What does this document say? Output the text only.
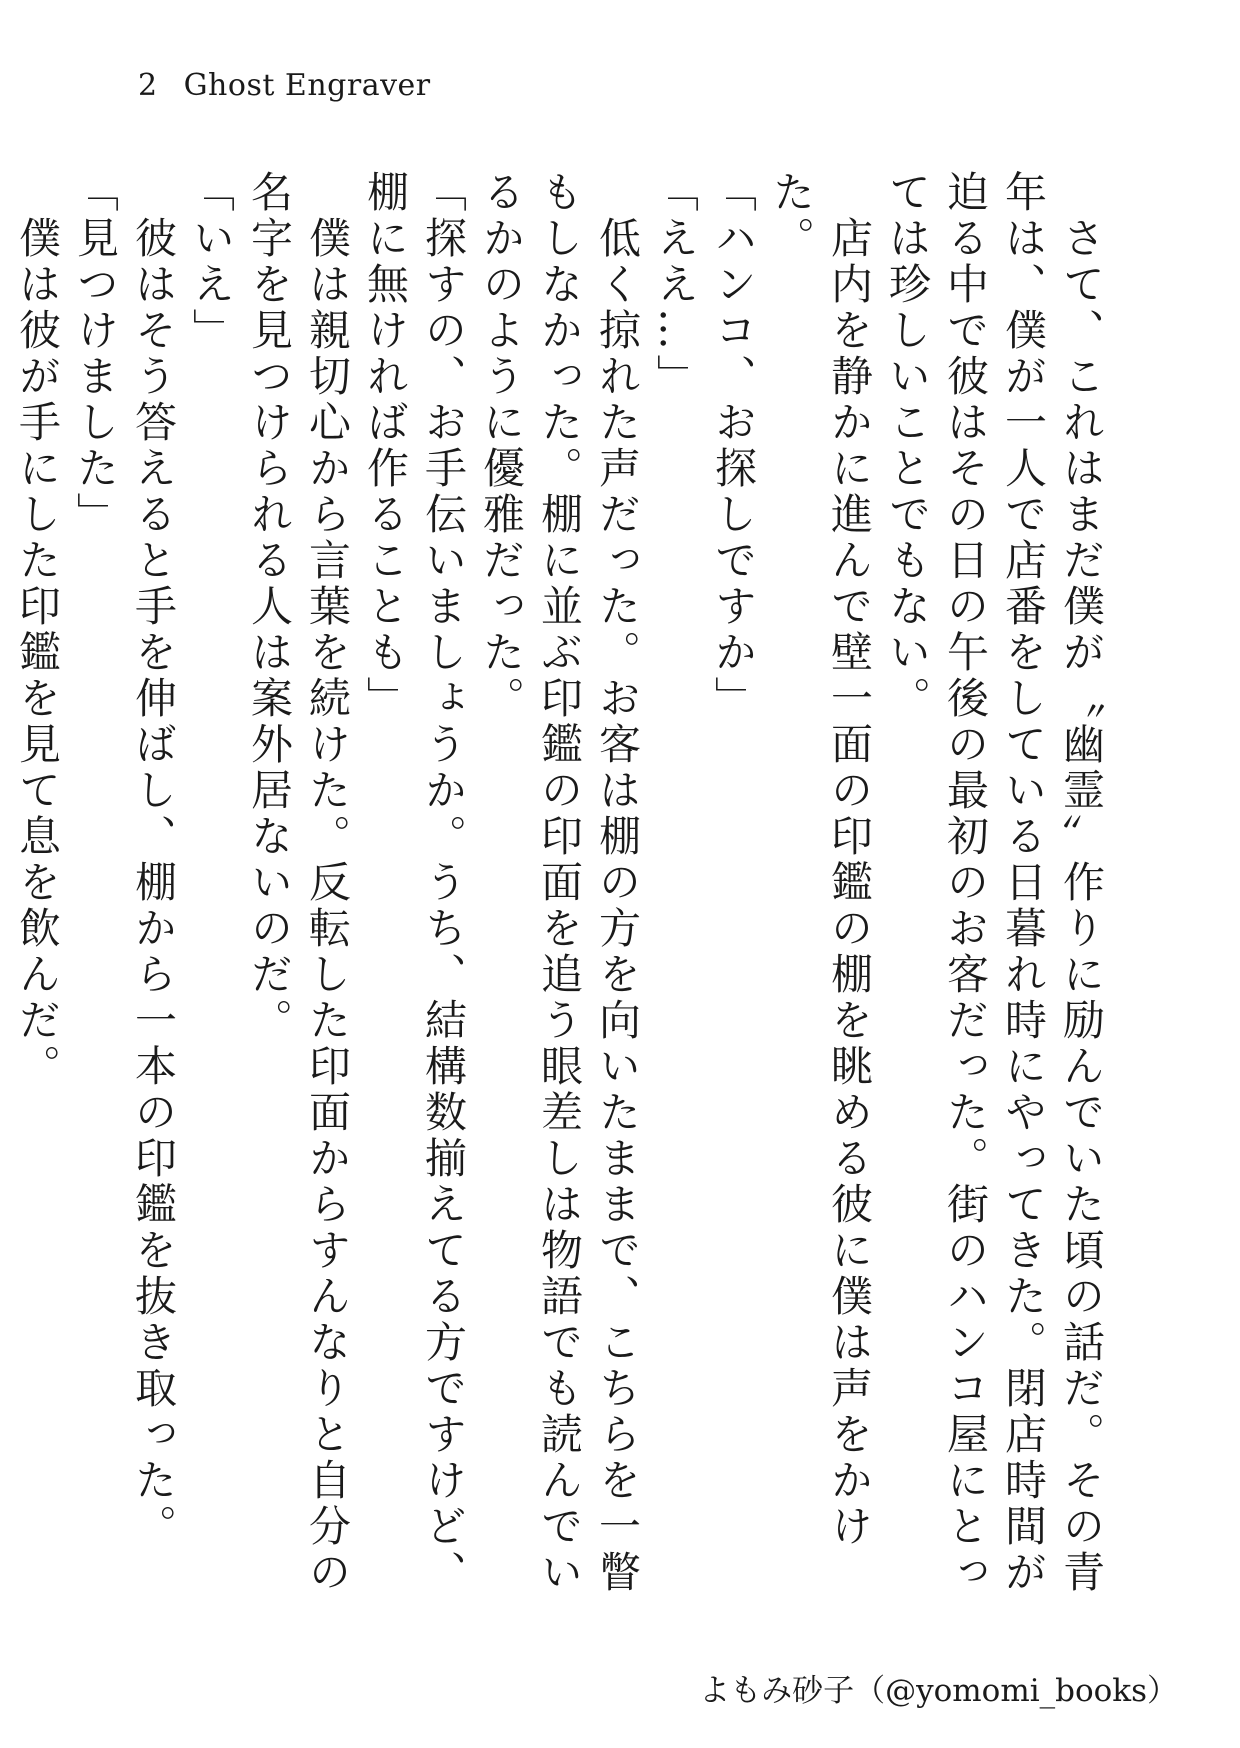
2 Ghost Engraver

　さて、これはまだ僕が〝幽霊〟作りに励んでいた頃の話だ。その青年は、僕が一人で店番をしている日暮れ時にやってきた。閉店時間が迫る中で彼はその日の午後の最初のお客だった。街のハンコ屋にとっては珍しいことでもない。

　店内を静かに進んで壁一面の印鑑の棚を眺める彼に僕は声をかけた。

「ハンコ、お探しですか」

「ええ…」

　低く掠れた声だった。お客は棚の方を向いたままで、こちらを一瞥もしなかった。棚に並ぶ印鑑の印面を追う眼差しは物語でも読んでいるかのように優雅だった。

「探すの、お手伝いましょうか。うち、結構数揃えてる方ですけど、棚に無ければ作ることも」

　僕は親切心から言葉を続けた。反転した印面からすんなりと自分の名字を見つけられる人は案外居ないのだ。

「いえ」

　彼はそう答えると手を伸ばし、棚から一本の印鑑を抜き取った。

「見つけました」

　僕は彼が手にした印鑑を見て息を飲んだ。

よもみ砂子（@yomomi_books）
